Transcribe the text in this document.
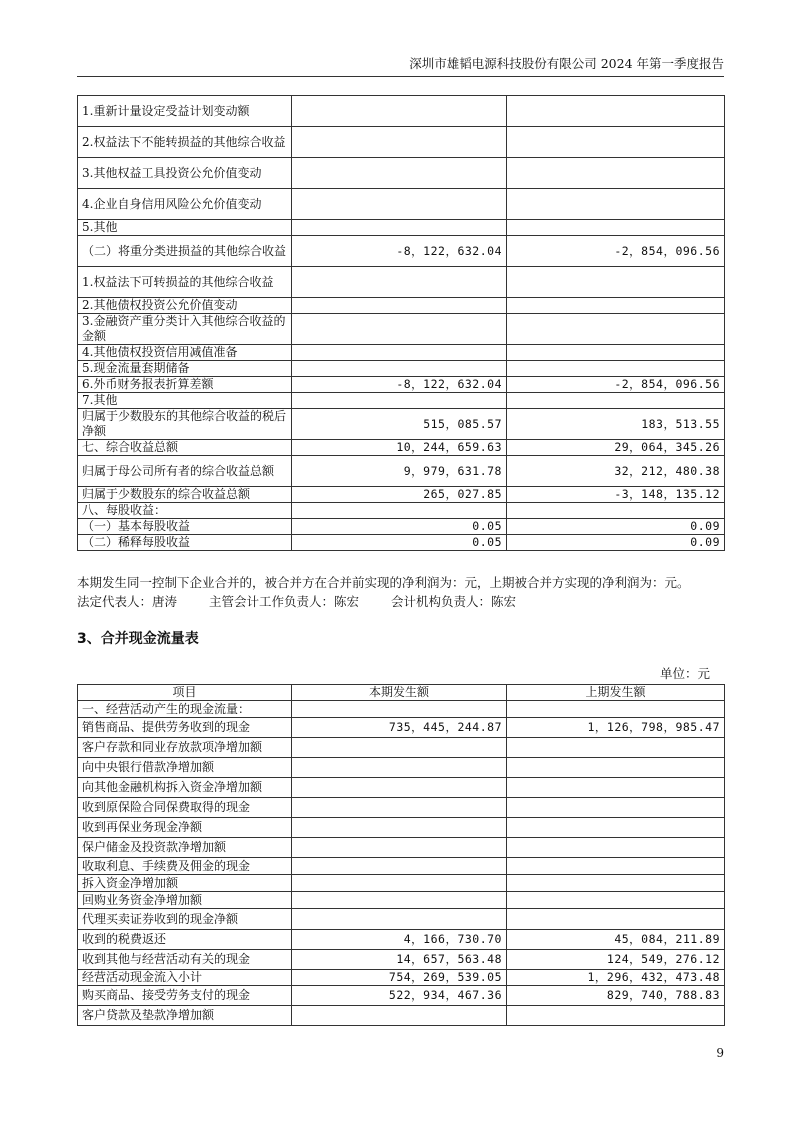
深圳市雄韬电源科技股份有限公司 2024 年第一季度报告
1.重新计量设定受益计划变动额		
2.权益法下不能转损益的其他综合收益		
3.其他权益工具投资公允价值变动		
4.企业自身信用风险公允价值变动		
5.其他		
（二）将重分类进损益的其他综合收益	-8，122，632.04	-2，854，096.56
1.权益法下可转损益的其他综合收益		
2.其他债权投资公允价值变动		
3.金融资产重分类计入其他综合收益的金额		
4.其他债权投资信用减值准备		
5.现金流量套期储备		
6.外币财务报表折算差额	-8，122，632.04	-2，854，096.56
7.其他		
归属于少数股东的其他综合收益的税后净额	515，085.57	183，513.55
七、综合收益总额	10，244，659.63	29，064，345.26
归属于母公司所有者的综合收益总额	9，979，631.78	32，212，480.38
归属于少数股东的综合收益总额	265，027.85	-3，148，135.12
八、每股收益：		
（一）基本每股收益	0.05	0.09
（二）稀释每股收益	0.05	0.09
本期发生同一控制下企业合并的，被合并方在合并前实现的净利润为：元，上期被合并方实现的净利润为：元。
法定代表人：唐涛	主管会计工作负责人：陈宏	会计机构负责人：陈宏
3、合并现金流量表
单位：元
项目	本期发生额	上期发生额
一、经营活动产生的现金流量：		
销售商品、提供劳务收到的现金	735，445，244.87	1，126，798，985.47
客户存款和同业存放款项净增加额		
向中央银行借款净增加额		
向其他金融机构拆入资金净增加额		
收到原保险合同保费取得的现金		
收到再保业务现金净额		
保户储金及投资款净增加额		
收取利息、手续费及佣金的现金		
拆入资金净增加额		
回购业务资金净增加额		
代理买卖证券收到的现金净额		
收到的税费返还	4，166，730.70	45，084，211.89
收到其他与经营活动有关的现金	14，657，563.48	124，549，276.12
经营活动现金流入小计	754，269，539.05	1，296，432，473.48
购买商品、接受劳务支付的现金	522，934，467.36	829，740，788.83
客户贷款及垫款净增加额		
9
